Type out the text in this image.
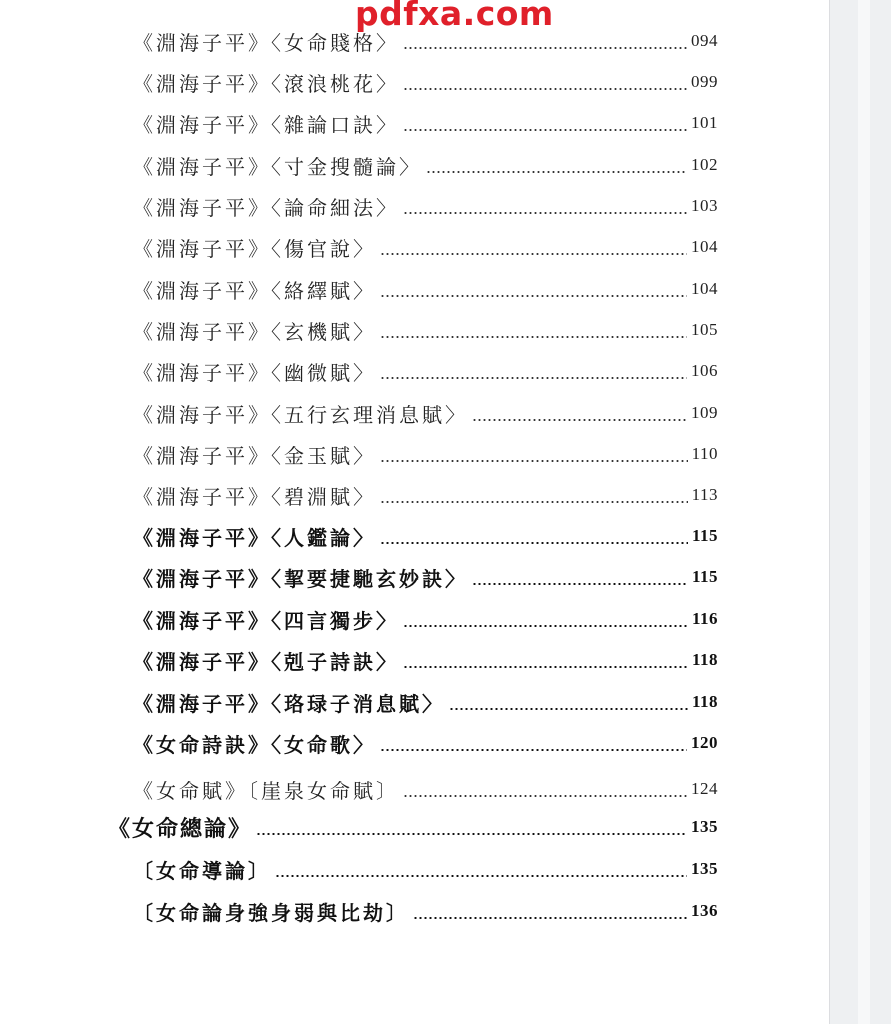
pdfxa.com
《淵海子平》〈女命賤格〉	094
《淵海子平》〈滾浪桃花〉	099
《淵海子平》〈雜論口訣〉	101
《淵海子平》〈寸金搜髓論〉	102
《淵海子平》〈論命細法〉	103
《淵海子平》〈傷官說〉	104
《淵海子平》〈絡繹賦〉	104
《淵海子平》〈玄機賦〉	105
《淵海子平》〈幽微賦〉	106
《淵海子平》〈五行玄理消息賦〉	109
《淵海子平》〈金玉賦〉	110
《淵海子平》〈碧淵賦〉	113
《淵海子平》〈人鑑論〉	115
《淵海子平》〈挈要捷馳玄妙訣〉	115
《淵海子平》〈四言獨步〉	116
《淵海子平》〈剋子詩訣〉	118
《淵海子平》〈珞琭子消息賦〉	118
《女命詩訣》〈女命歌〉	120
《女命賦》〔崖泉女命賦〕	124
《女命總論》	135
〔女命導論〕	135
〔女命論身強身弱與比劫〕	136
